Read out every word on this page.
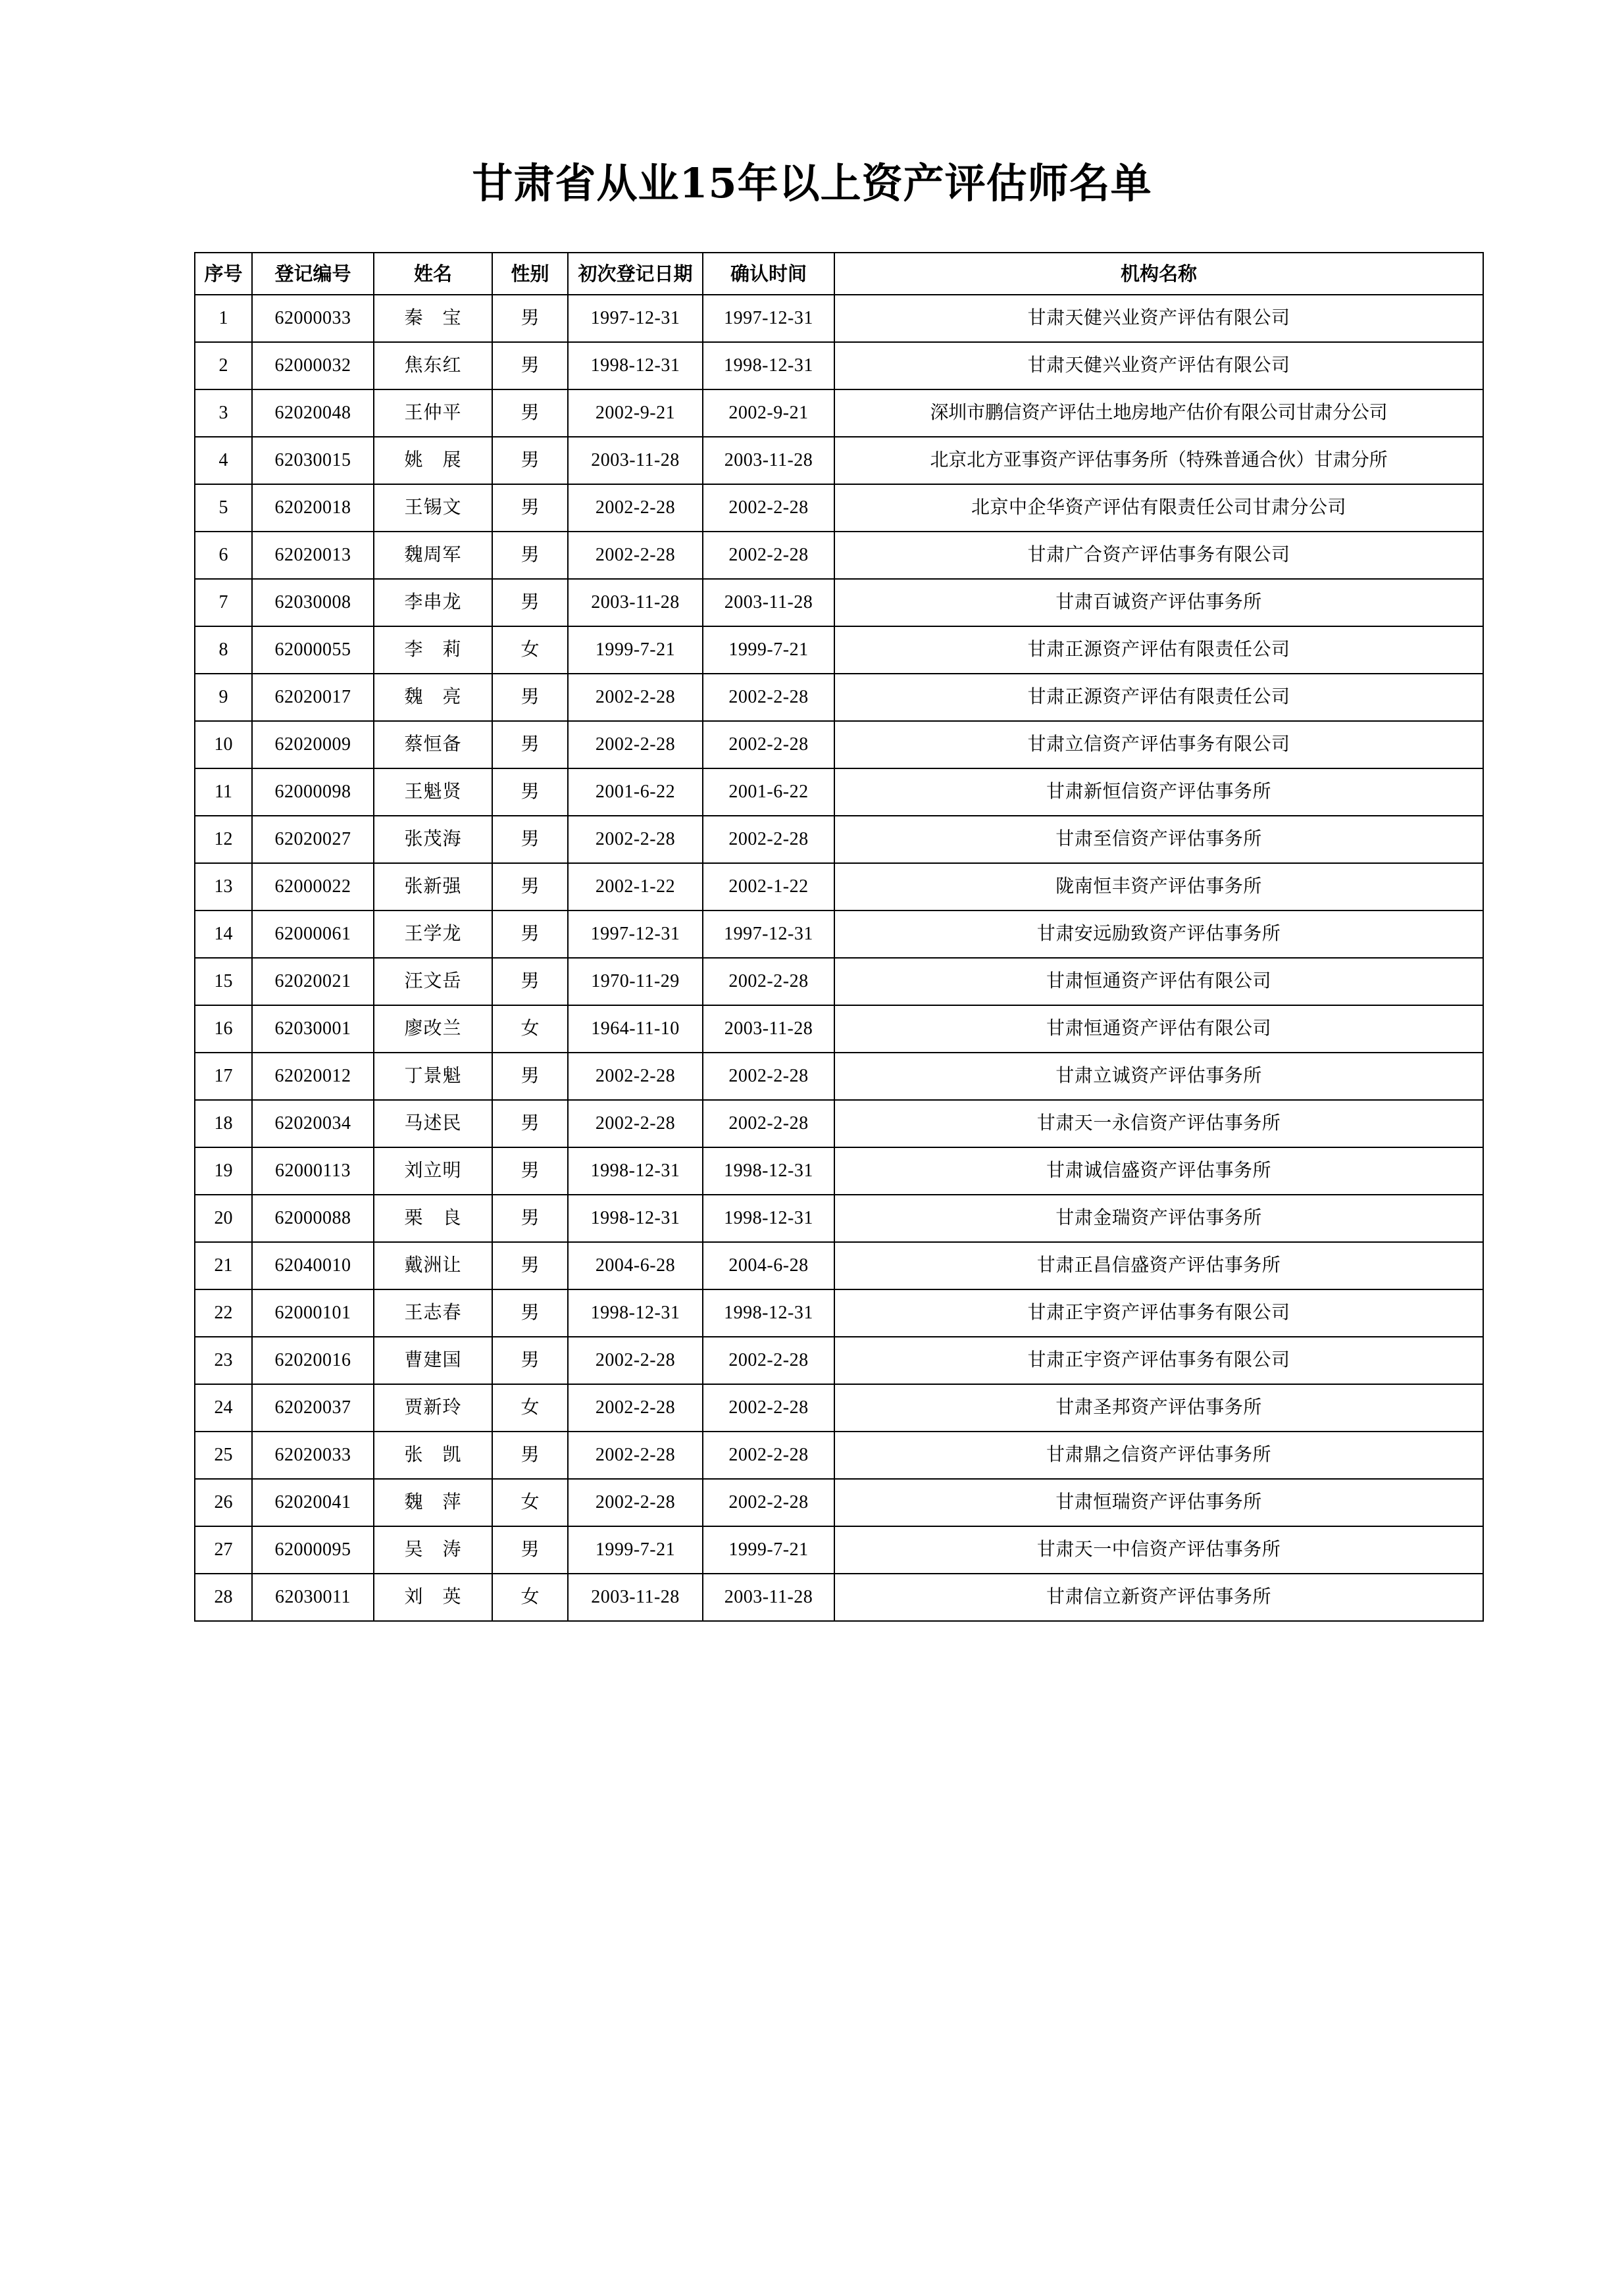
甘肃省从业15年以上资产评估师名单
序号	登记编号	姓名	性别	初次登记日期	确认时间	机构名称
1	62000033	秦　宝	男	1997-12-31	1997-12-31	甘肃天健兴业资产评估有限公司
2	62000032	焦东红	男	1998-12-31	1998-12-31	甘肃天健兴业资产评估有限公司
3	62020048	王仲平	男	2002-9-21	2002-9-21	深圳市鹏信资产评估土地房地产估价有限公司甘肃分公司
4	62030015	姚　展	男	2003-11-28	2003-11-28	北京北方亚事资产评估事务所（特殊普通合伙）甘肃分所
5	62020018	王锡文	男	2002-2-28	2002-2-28	北京中企华资产评估有限责任公司甘肃分公司
6	62020013	魏周军	男	2002-2-28	2002-2-28	甘肃广合资产评估事务有限公司
7	62030008	李串龙	男	2003-11-28	2003-11-28	甘肃百诚资产评估事务所
8	62000055	李　莉	女	1999-7-21	1999-7-21	甘肃正源资产评估有限责任公司
9	62020017	魏　亮	男	2002-2-28	2002-2-28	甘肃正源资产评估有限责任公司
10	62020009	蔡恒备	男	2002-2-28	2002-2-28	甘肃立信资产评估事务有限公司
11	62000098	王魁贤	男	2001-6-22	2001-6-22	甘肃新恒信资产评估事务所
12	62020027	张茂海	男	2002-2-28	2002-2-28	甘肃至信资产评估事务所
13	62000022	张新强	男	2002-1-22	2002-1-22	陇南恒丰资产评估事务所
14	62000061	王学龙	男	1997-12-31	1997-12-31	甘肃安远励致资产评估事务所
15	62020021	汪文岳	男	1970-11-29	2002-2-28	甘肃恒通资产评估有限公司
16	62030001	廖改兰	女	1964-11-10	2003-11-28	甘肃恒通资产评估有限公司
17	62020012	丁景魁	男	2002-2-28	2002-2-28	甘肃立诚资产评估事务所
18	62020034	马述民	男	2002-2-28	2002-2-28	甘肃天一永信资产评估事务所
19	62000113	刘立明	男	1998-12-31	1998-12-31	甘肃诚信盛资产评估事务所
20	62000088	栗　良	男	1998-12-31	1998-12-31	甘肃金瑞资产评估事务所
21	62040010	戴洲让	男	2004-6-28	2004-6-28	甘肃正昌信盛资产评估事务所
22	62000101	王志春	男	1998-12-31	1998-12-31	甘肃正宇资产评估事务有限公司
23	62020016	曹建国	男	2002-2-28	2002-2-28	甘肃正宇资产评估事务有限公司
24	62020037	贾新玲	女	2002-2-28	2002-2-28	甘肃圣邦资产评估事务所
25	62020033	张　凯	男	2002-2-28	2002-2-28	甘肃鼎之信资产评估事务所
26	62020041	魏　萍	女	2002-2-28	2002-2-28	甘肃恒瑞资产评估事务所
27	62000095	吴　涛	男	1999-7-21	1999-7-21	甘肃天一中信资产评估事务所
28	62030011	刘　英	女	2003-11-28	2003-11-28	甘肃信立新资产评估事务所
